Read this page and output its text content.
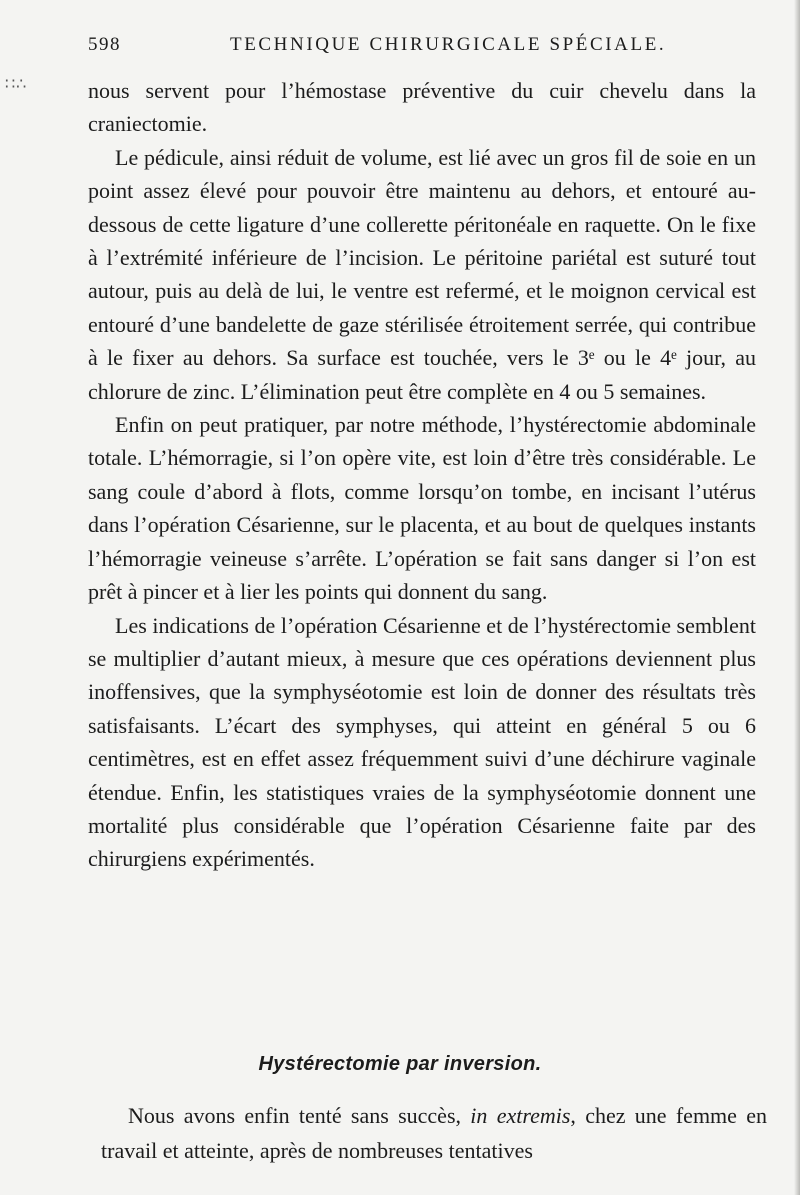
∷∴
598	TECHNIQUE CHIRURGICALE SPÉCIALE.

nous servent pour l’hémostase préventive du cuir chevelu dans la craniectomie.

Le pédicule, ainsi réduit de volume, est lié avec un gros fil de soie en un point assez élevé pour pouvoir être maintenu au dehors, et entouré au-dessous de cette ligature d’une collerette péritonéale en raquette. On le fixe à l’extrémité inférieure de l’incision. Le péritoine pariétal est suturé tout autour, puis au delà de lui, le ventre est refermé, et le moignon cervical est entouré d’une bandelette de gaze stérilisée étroitement serrée, qui contribue à le fixer au dehors. Sa surface est touchée, vers le 3ᵉ ou le 4ᵉ jour, au chlorure de zinc. L’élimination peut être complète en 4 ou 5 semaines.

Enfin on peut pratiquer, par notre méthode, l’hystérectomie abdominale totale. L’hémorragie, si l’on opère vite, est loin d’être très considérable. Le sang coule d’abord à flots, comme lorsqu’on tombe, en incisant l’utérus dans l’opération Césarienne, sur le placenta, et au bout de quelques instants l’hémorragie veineuse s’arrête. L’opération se fait sans danger si l’on est prêt à pincer et à lier les points qui donnent du sang.

Les indications de l’opération Césarienne et de l’hystérectomie semblent se multiplier d’autant mieux, à mesure que ces opérations deviennent plus inoffensives, que la symphyséotomie est loin de donner des résultats très satisfaisants. L’écart des symphyses, qui atteint en général 5 ou 6 centimètres, est en effet assez fréquemment suivi d’une déchirure vaginale étendue. Enfin, les statistiques vraies de la symphyséotomie donnent une mortalité plus considérable que l’opération Césarienne faite par des chirurgiens expérimentés.

Hystérectomie par inversion.

Nous avons enfin tenté sans succès, in extremis, chez une femme en travail et atteinte, après de nombreuses tentatives
